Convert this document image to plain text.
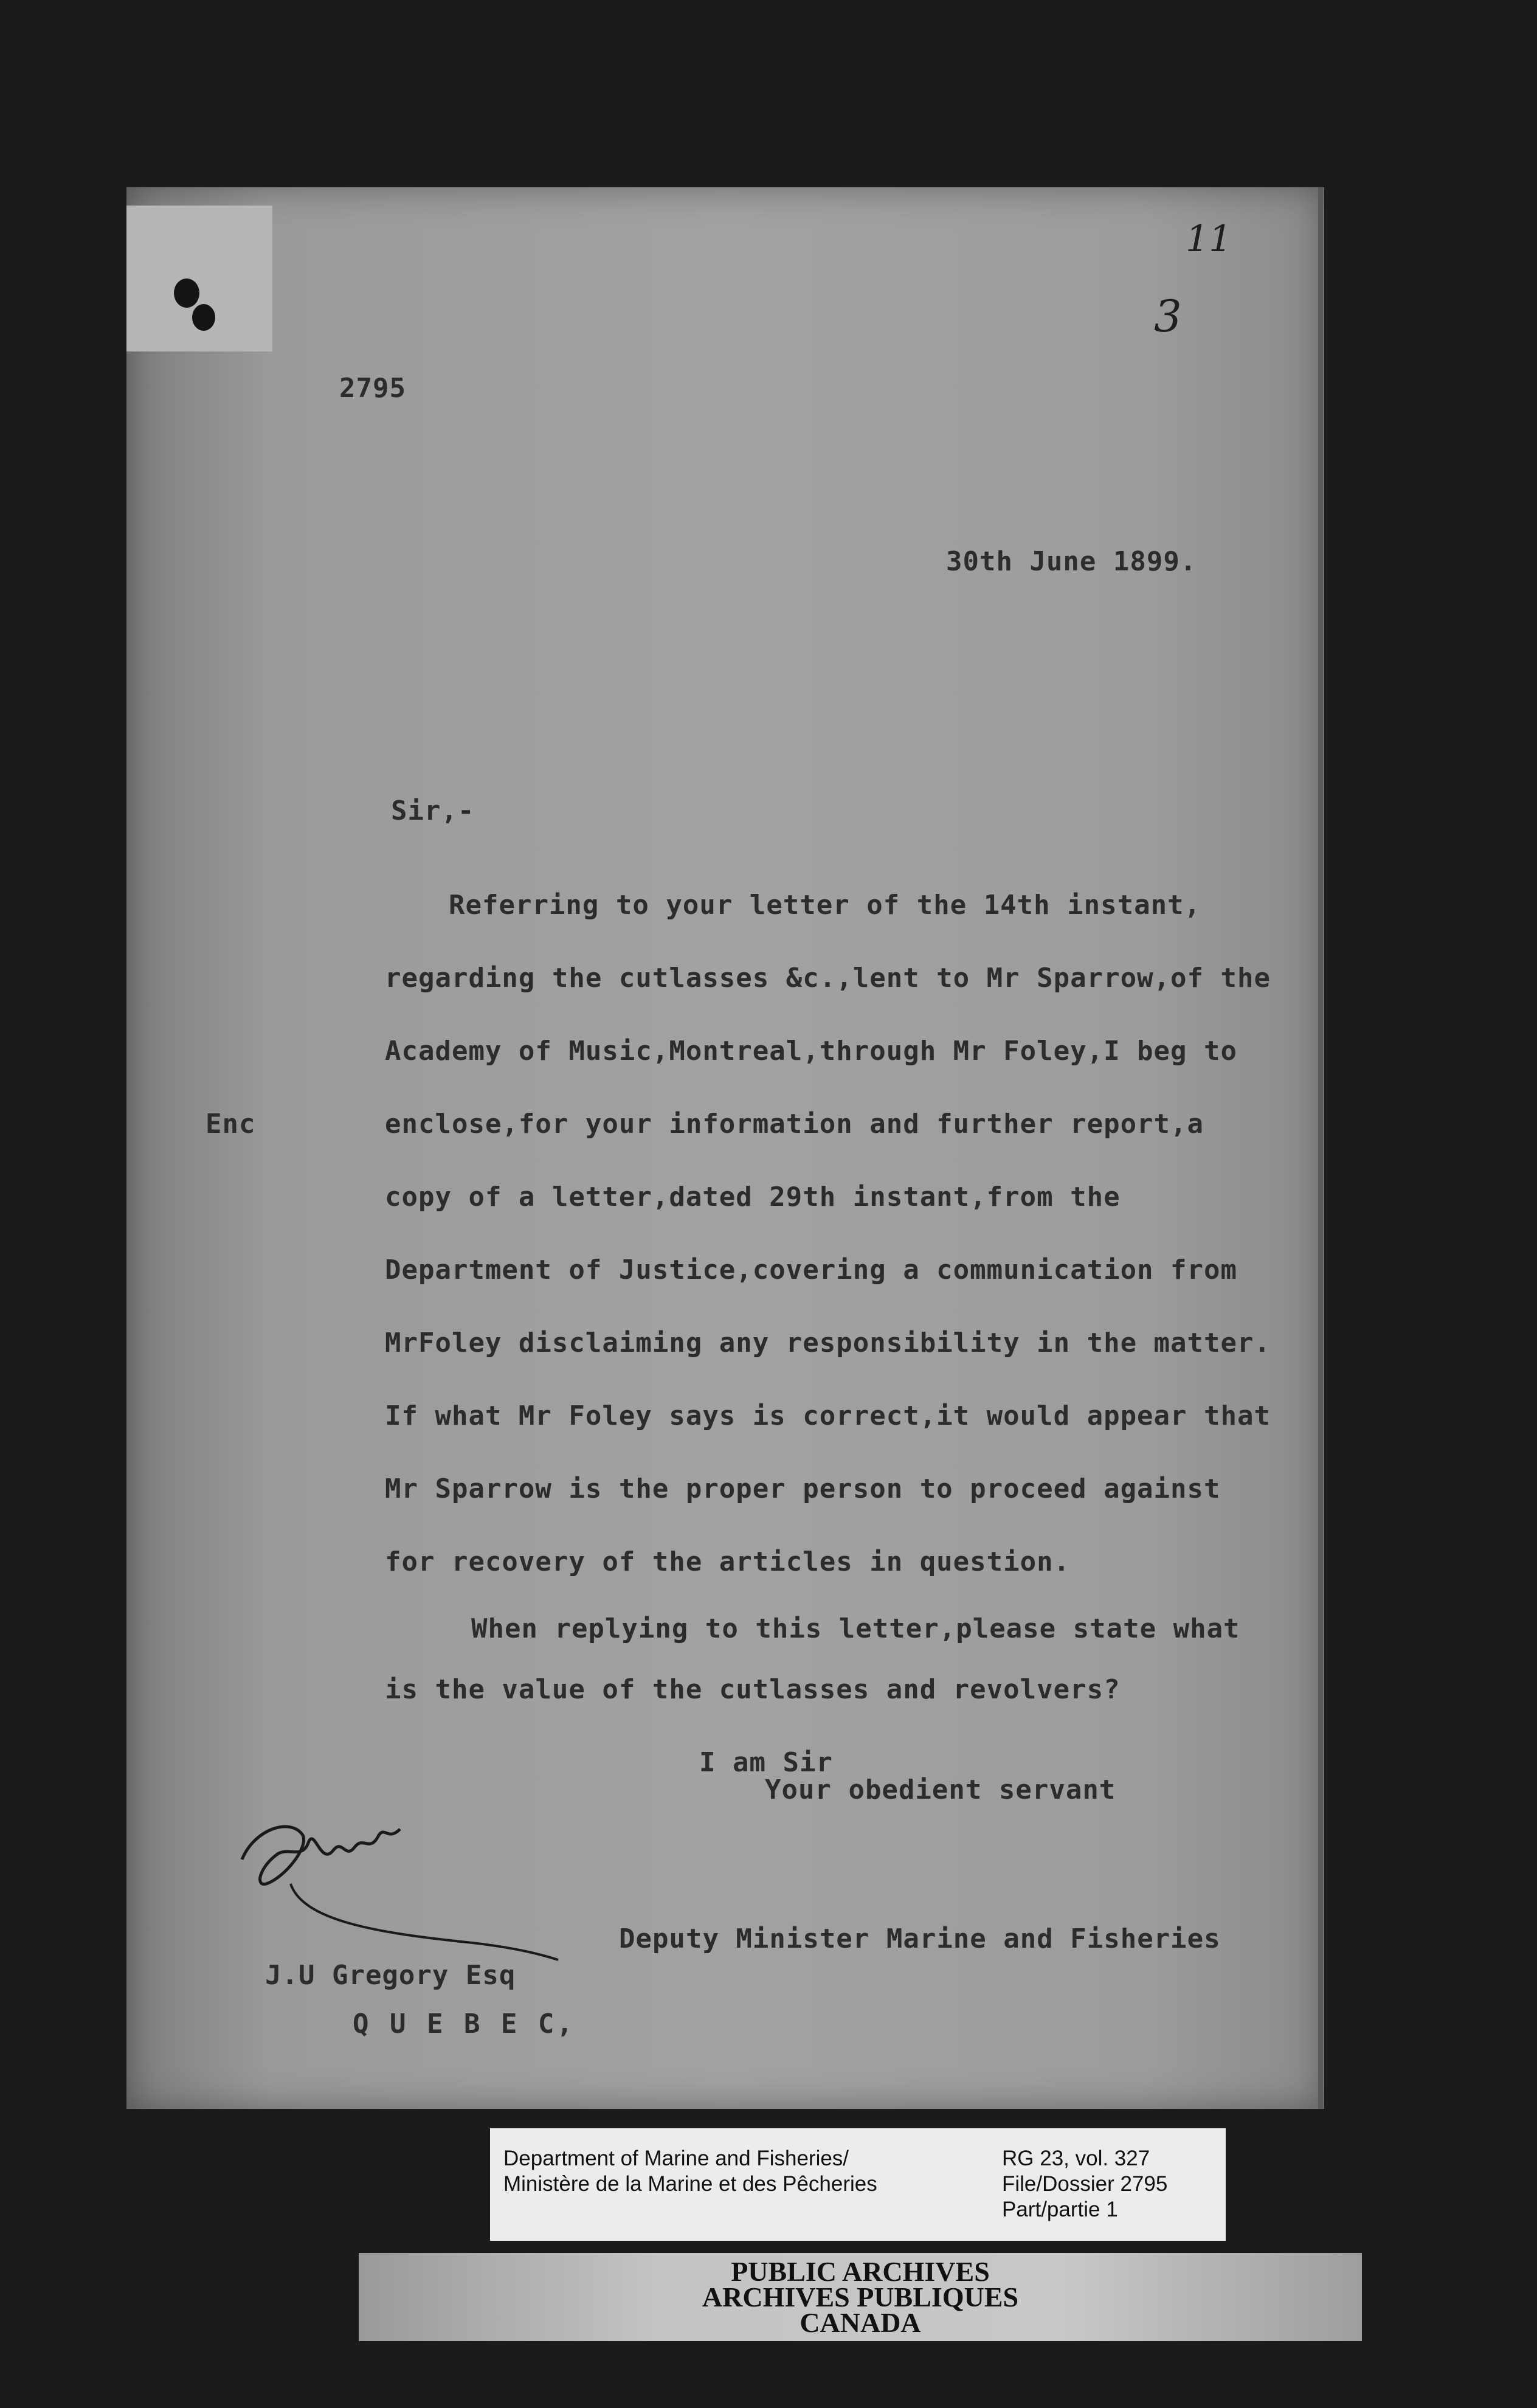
11
3
2795
30th June 1899.
Sir,-
Enc
Referring to your letter of the 14th instant,
regarding the cutlasses &c.,lent to Mr Sparrow,of the
Academy of Music,Montreal,through Mr Foley,I beg to
enclose,for your information and further report,a
copy of a letter,dated 29th instant,from the
Department of Justice,covering a communication from
MrFoley disclaiming any responsibility in the matter.
If what Mr Foley says is correct,it would appear that
Mr Sparrow is the proper person to proceed against
for recovery of the articles in question.
When replying to this letter,please state what
is the value of the cutlasses and revolvers?
I am Sir
Your obedient servant
Deputy Minister Marine and Fisheries
J.U Gregory Esq
Q U E B E C,
Department of Marine and Fisheries/
Ministère de la Marine et des Pêcheries
RG 23, vol. 327
File/Dossier 2795
Part/partie 1
PUBLIC ARCHIVES
ARCHIVES PUBLIQUES
CANADA
